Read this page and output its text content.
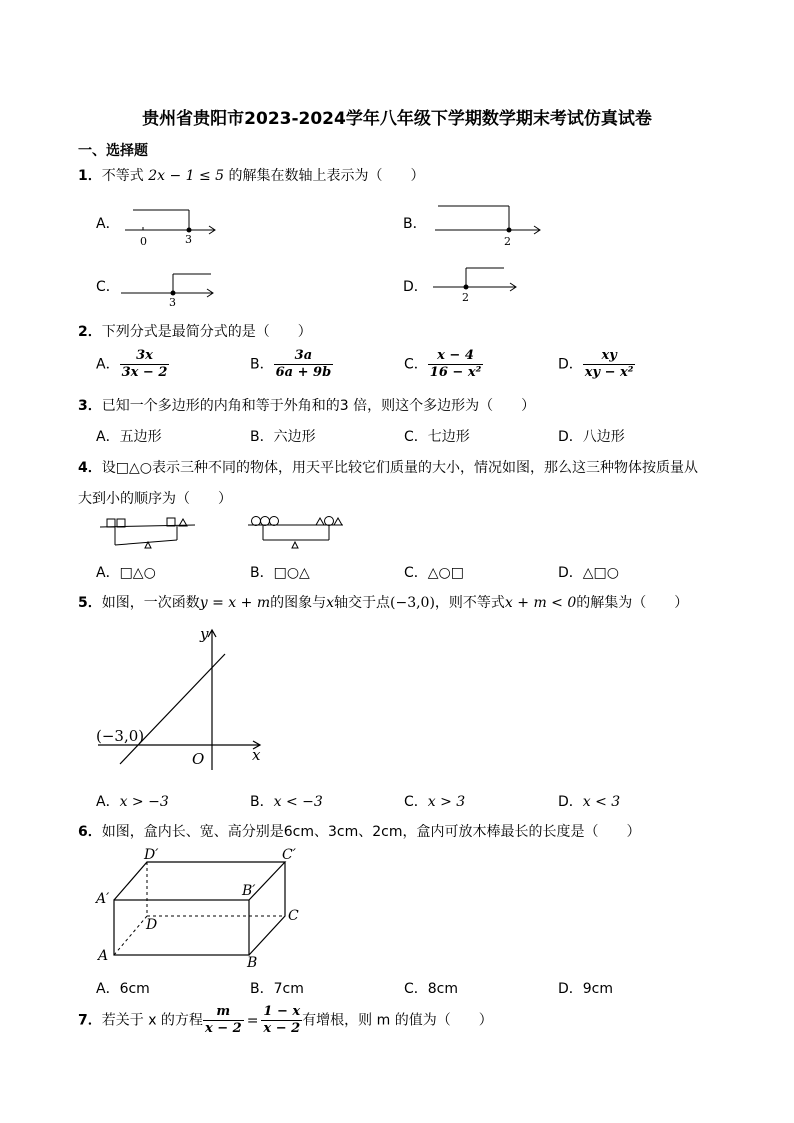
贵州省贵阳市2023-2024学年八年级下学期数学期末考试仿真试卷
一、选择题
1．不等式 2x − 1 ≤ 5 的解集在数轴上表示为（　　）
A．
0	3
B．
2
C．
3
D．
2
2．下列分式是最简分式的是（　　）
A． $\frac{3x}{3x - 2}$	B． $\frac{3a}{6a + 9b}$	C． $\frac{x - 4}{\text{16 − x²}}$	D． $\frac{xy}{\text{xy − x²}}$
3．已知一个多边形的内角和等于外角和的3 倍，则这个多边形为（　　）
A．五边形	B．六边形	C．七边形	D．八边形
4．设□△○表示三种不同的物体，用天平比较它们质量的大小，情况如图，那么这三种物体按质量从
大到小的顺序为（　　）
A．□△○	B．□○△	C．△○□	D．△□○
5．如图，一次函数y = x + m的图象与x轴交于点(−3,0)，则不等式x + m < 0的解集为（　　）
y
x
O
(−3,0)
A．x > −3	B．x < −3	C．x > 3	D．x < 3
6．如图，盒内长、宽、高分别是6cm、3cm、2cm，盒内可放木棒最长的长度是（　　）
D′	C′
A′	B′
D
C
A	B
A．6cm	B．7cm	C．8cm	D．9cm
7．若关于 x 的方程 $\frac{m}{x - 2} = \frac{1 - x}{x - 2}$ 有增根，则 m 的值为（　　）
